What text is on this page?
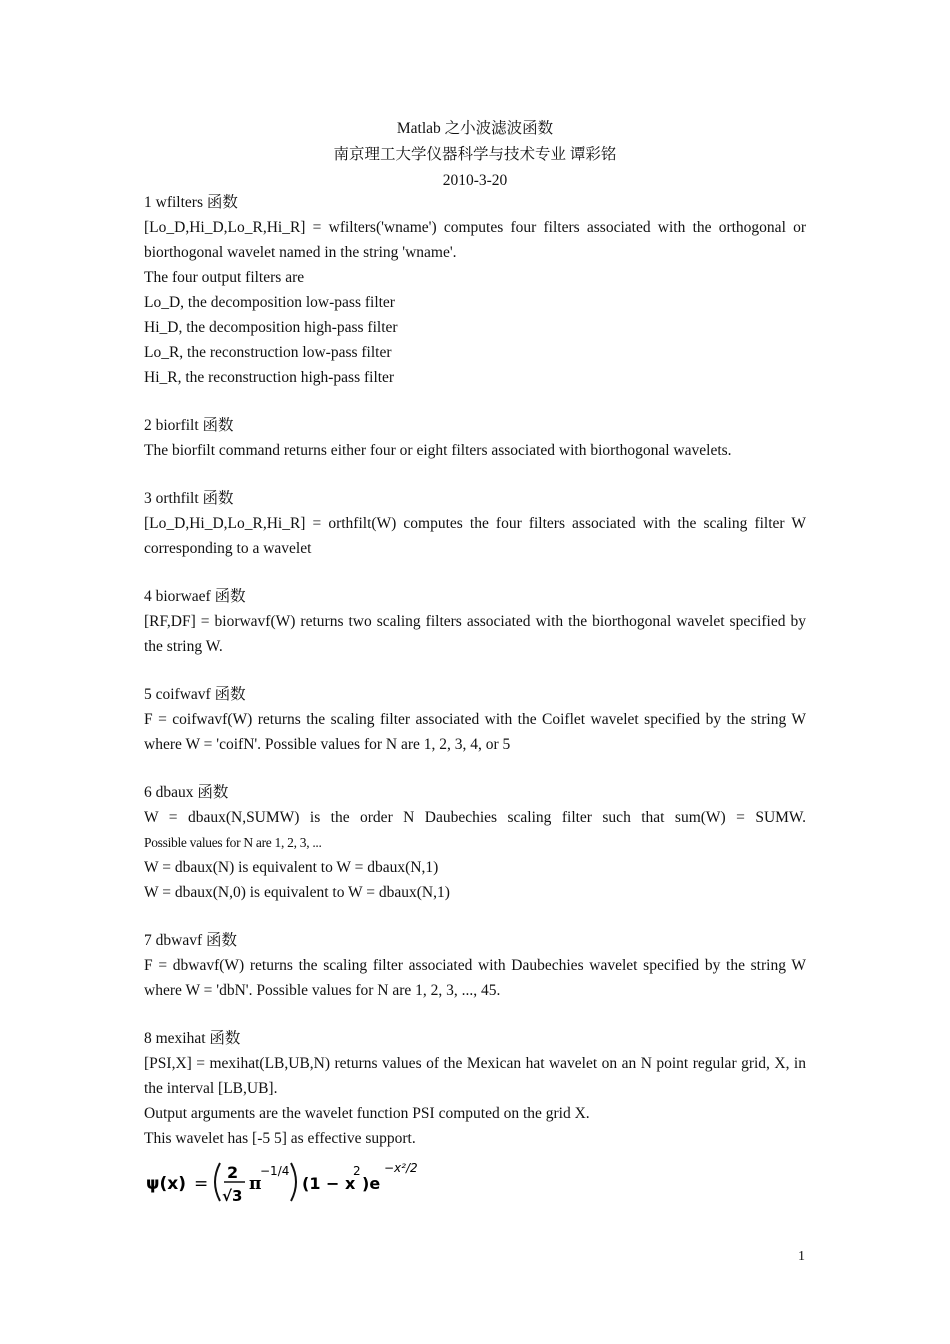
Matlab 之小波滤波函数
南京理工大学仪器科学与技术专业 谭彩铭
2010-3-20

1 wfilters 函数

[Lo_D,Hi_D,Lo_R,Hi_R] = wfilters('wname') computes four filters associated with the orthogonal or biorthogonal wavelet named in the string 'wname'.

The four output filters are

Lo_D, the decomposition low-pass filter

Hi_D, the decomposition high-pass filter

Lo_R, the reconstruction low-pass filter

Hi_R, the reconstruction high-pass filter

2 biorfilt 函数

The biorfilt command returns either four or eight filters associated with biorthogonal wavelets.

3 orthfilt 函数

[Lo_D,Hi_D,Lo_R,Hi_R] = orthfilt(W) computes the four filters associated with the scaling filter W corresponding to a wavelet

4 biorwaef 函数

[RF,DF] = biorwavf(W) returns two scaling filters associated with the biorthogonal wavelet specified by the string W.

5 coifwavf 函数

F = coifwavf(W) returns the scaling filter associated with the Coiflet wavelet specified by the string W where W = 'coifN'. Possible values for N are 1, 2, 3, 4, or 5

6 dbaux 函数

W = dbaux(N,SUMW) is the order N Daubechies scaling filter such that sum(W) = SUMW.

Possible values for N are 1, 2, 3, ...

W = dbaux(N) is equivalent to W = dbaux(N,1)

W = dbaux(N,0) is equivalent to W = dbaux(N,1)

7 dbwavf 函数

F = dbwavf(W) returns the scaling filter associated with Daubechies wavelet specified by the string W where W = 'dbN'. Possible values for N are 1, 2, 3, ..., 45.

8 mexihat 函数

[PSI,X] = mexihat(LB,UB,N) returns values of the Mexican hat wavelet on an N point regular grid, X, in the interval [LB,UB].

Output arguments are the wavelet function PSI computed on the grid X.

This wavelet has [-5 5] as effective support.

ψ(x) =
2
√3
π
−1/4
(1 − x
2
)e
−x²/2
1
